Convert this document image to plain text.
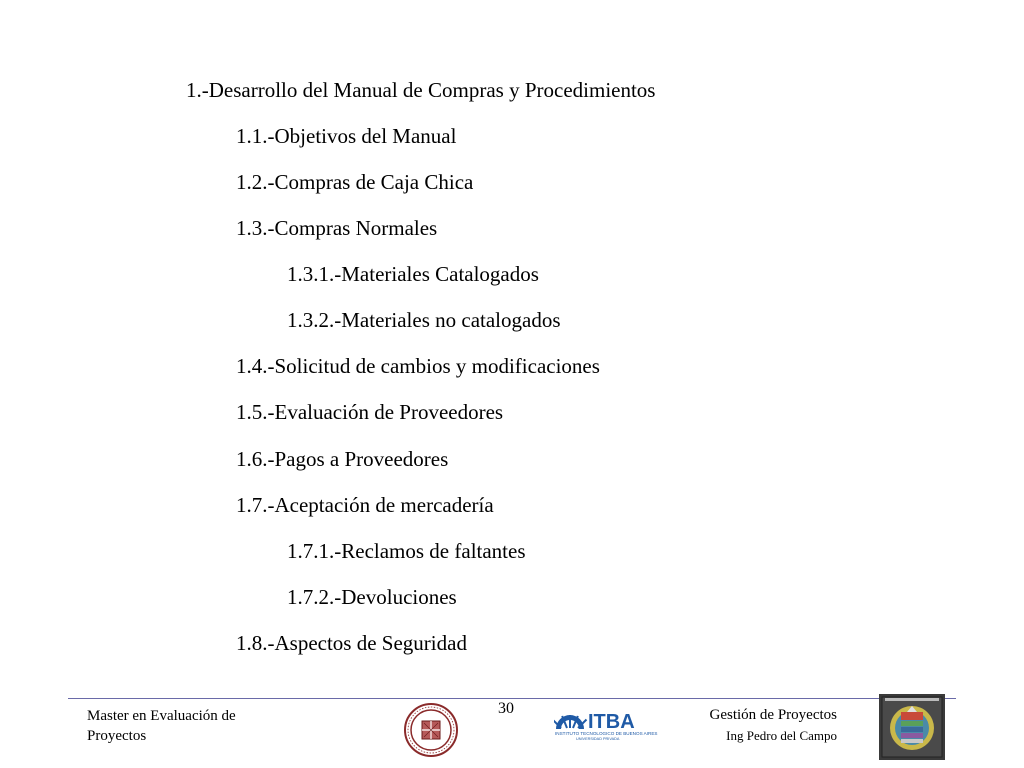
1.-Desarrollo del Manual de Compras y Procedimientos
1.1.-Objetivos del Manual
1.2.-Compras de Caja Chica
1.3.-Compras Normales
1.3.1.-Materiales Catalogados
1.3.2.-Materiales no catalogados
1.4.-Solicitud de cambios y modificaciones
1.5.-Evaluación de Proveedores
1.6.-Pagos a Proveedores
1.7.-Aceptación de mercadería
1.7.1.-Reclamos de faltantes
1.7.2.-Devoluciones
1.8.-Aspectos de Seguridad
Master en Evaluación de
Proyectos
30
ITBA
INSTITUTO TECNOLOGICO DE BUENOS AIRES
UNIVERSIDAD PRIVADA
Gestión de Proyectos
Ing Pedro del Campo
